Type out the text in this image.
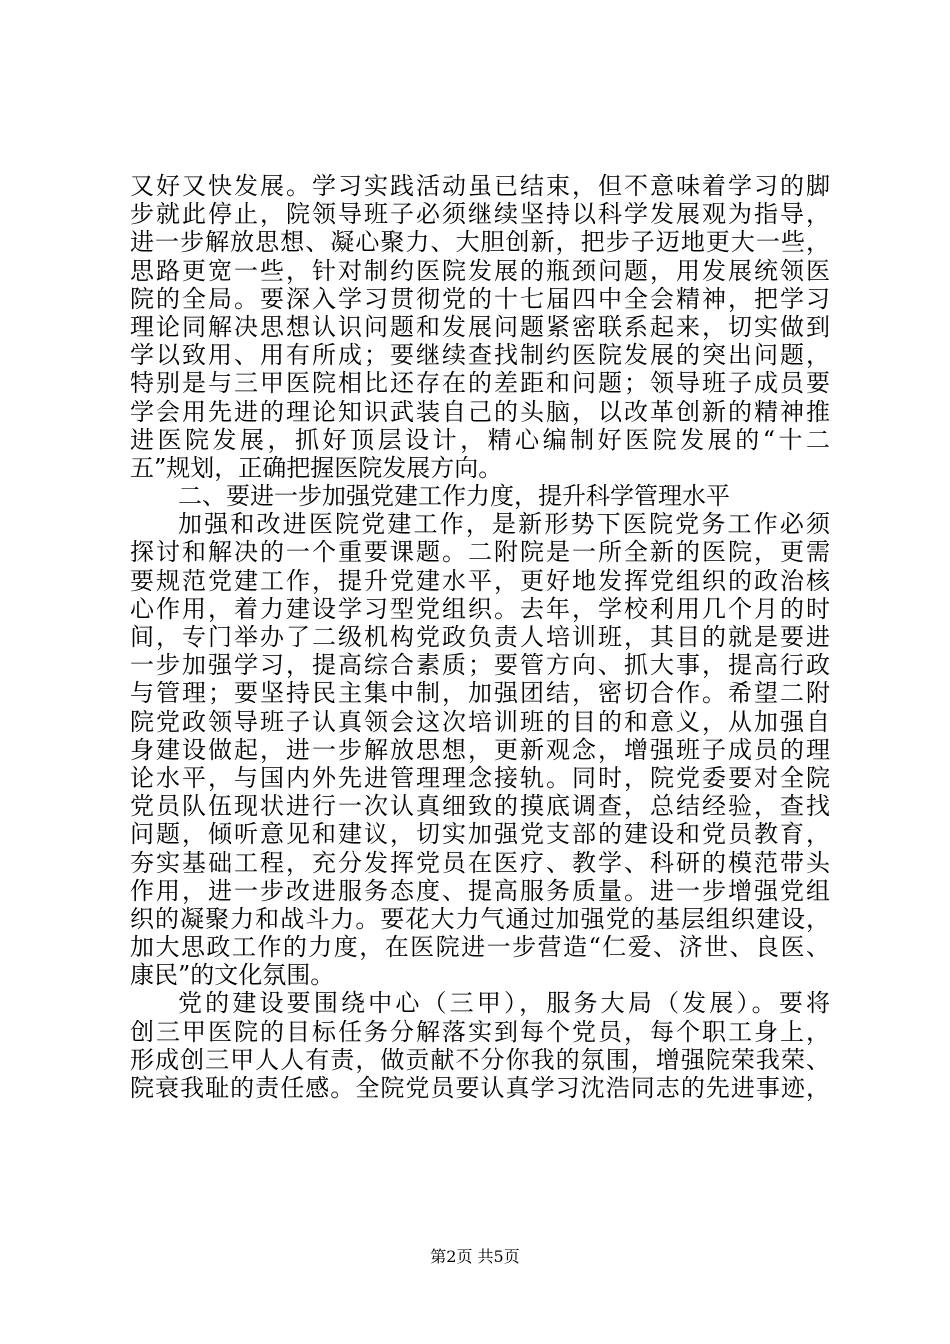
又好又快发展。学习实践活动虽已结束，但不意味着学习的脚
步就此停止，院领导班子必须继续坚持以科学发展观为指导，
进一步解放思想、凝心聚力、大胆创新，把步子迈地更大一些，
思路更宽一些，针对制约医院发展的瓶颈问题，用发展统领医
院的全局。要深入学习贯彻党的十七届四中全会精神，把学习
理论同解决思想认识问题和发展问题紧密联系起来，切实做到
学以致用、用有所成；要继续查找制约医院发展的突出问题，
特别是与三甲医院相比还存在的差距和问题；领导班子成员要
学会用先进的理论知识武装自己的头脑，以改革创新的精神推
进医院发展，抓好顶层设计，精心编制好医院发展的“十二
五”规划，正确把握医院发展方向。
二、要进一步加强党建工作力度，提升科学管理水平
加强和改进医院党建工作，是新形势下医院党务工作必须
探讨和解决的一个重要课题。二附院是一所全新的医院，更需
要规范党建工作，提升党建水平，更好地发挥党组织的政治核
心作用，着力建设学习型党组织。去年，学校利用几个月的时
间，专门举办了二级机构党政负责人培训班，其目的就是要进
一步加强学习，提高综合素质；要管方向、抓大事，提高行政
与管理；要坚持民主集中制，加强团结，密切合作。希望二附
院党政领导班子认真领会这次培训班的目的和意义，从加强自
身建设做起，进一步解放思想，更新观念，增强班子成员的理
论水平，与国内外先进管理理念接轨。同时，院党委要对全院
党员队伍现状进行一次认真细致的摸底调查，总结经验，查找
问题，倾听意见和建议，切实加强党支部的建设和党员教育，
夯实基础工程，充分发挥党员在医疗、教学、科研的模范带头
作用，进一步改进服务态度、提高服务质量。进一步增强党组
织的凝聚力和战斗力。要花大力气通过加强党的基层组织建设，
加大思政工作的力度，在医院进一步营造“仁爱、济世、良医、
康民”的文化氛围。
党的建设要围绕中心（三甲），服务大局（发展）。要将
创三甲医院的目标任务分解落实到每个党员，每个职工身上，
形成创三甲人人有责，做贡献不分你我的氛围，增强院荣我荣、
院衰我耻的责任感。全院党员要认真学习沈浩同志的先进事迹，
第2页 共5页
